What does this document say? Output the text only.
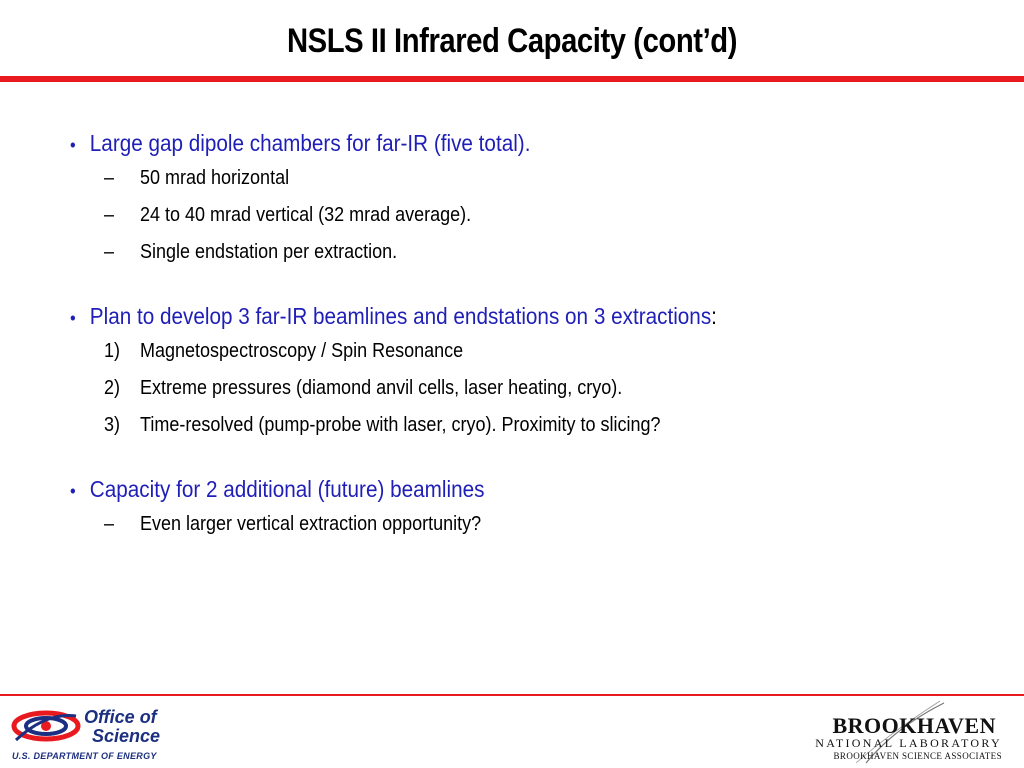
NSLS II Infrared Capacity (cont’d)
• Large gap dipole chambers for far-IR (five total).
–	50 mrad horizontal
–	24 to 40 mrad vertical (32 mrad average).
–	Single endstation per extraction.
• Plan to develop 3 far-IR beamlines and endstations on 3 extractions :
1) Magnetospectroscopy / Spin Resonance
2) Extreme pressures (diamond anvil cells, laser heating, cryo).
3) Time-resolved (pump-probe with laser, cryo). Proximity to slicing?
• Capacity for 2 additional (future) beamlines
–	Even larger vertical extraction opportunity?
Office of
Science
U.S. DEPARTMENT OF ENERGY
BROOKHAVEN
NATIONAL LABORATORY
BROOKHAVEN SCIENCE ASSOCIATES
